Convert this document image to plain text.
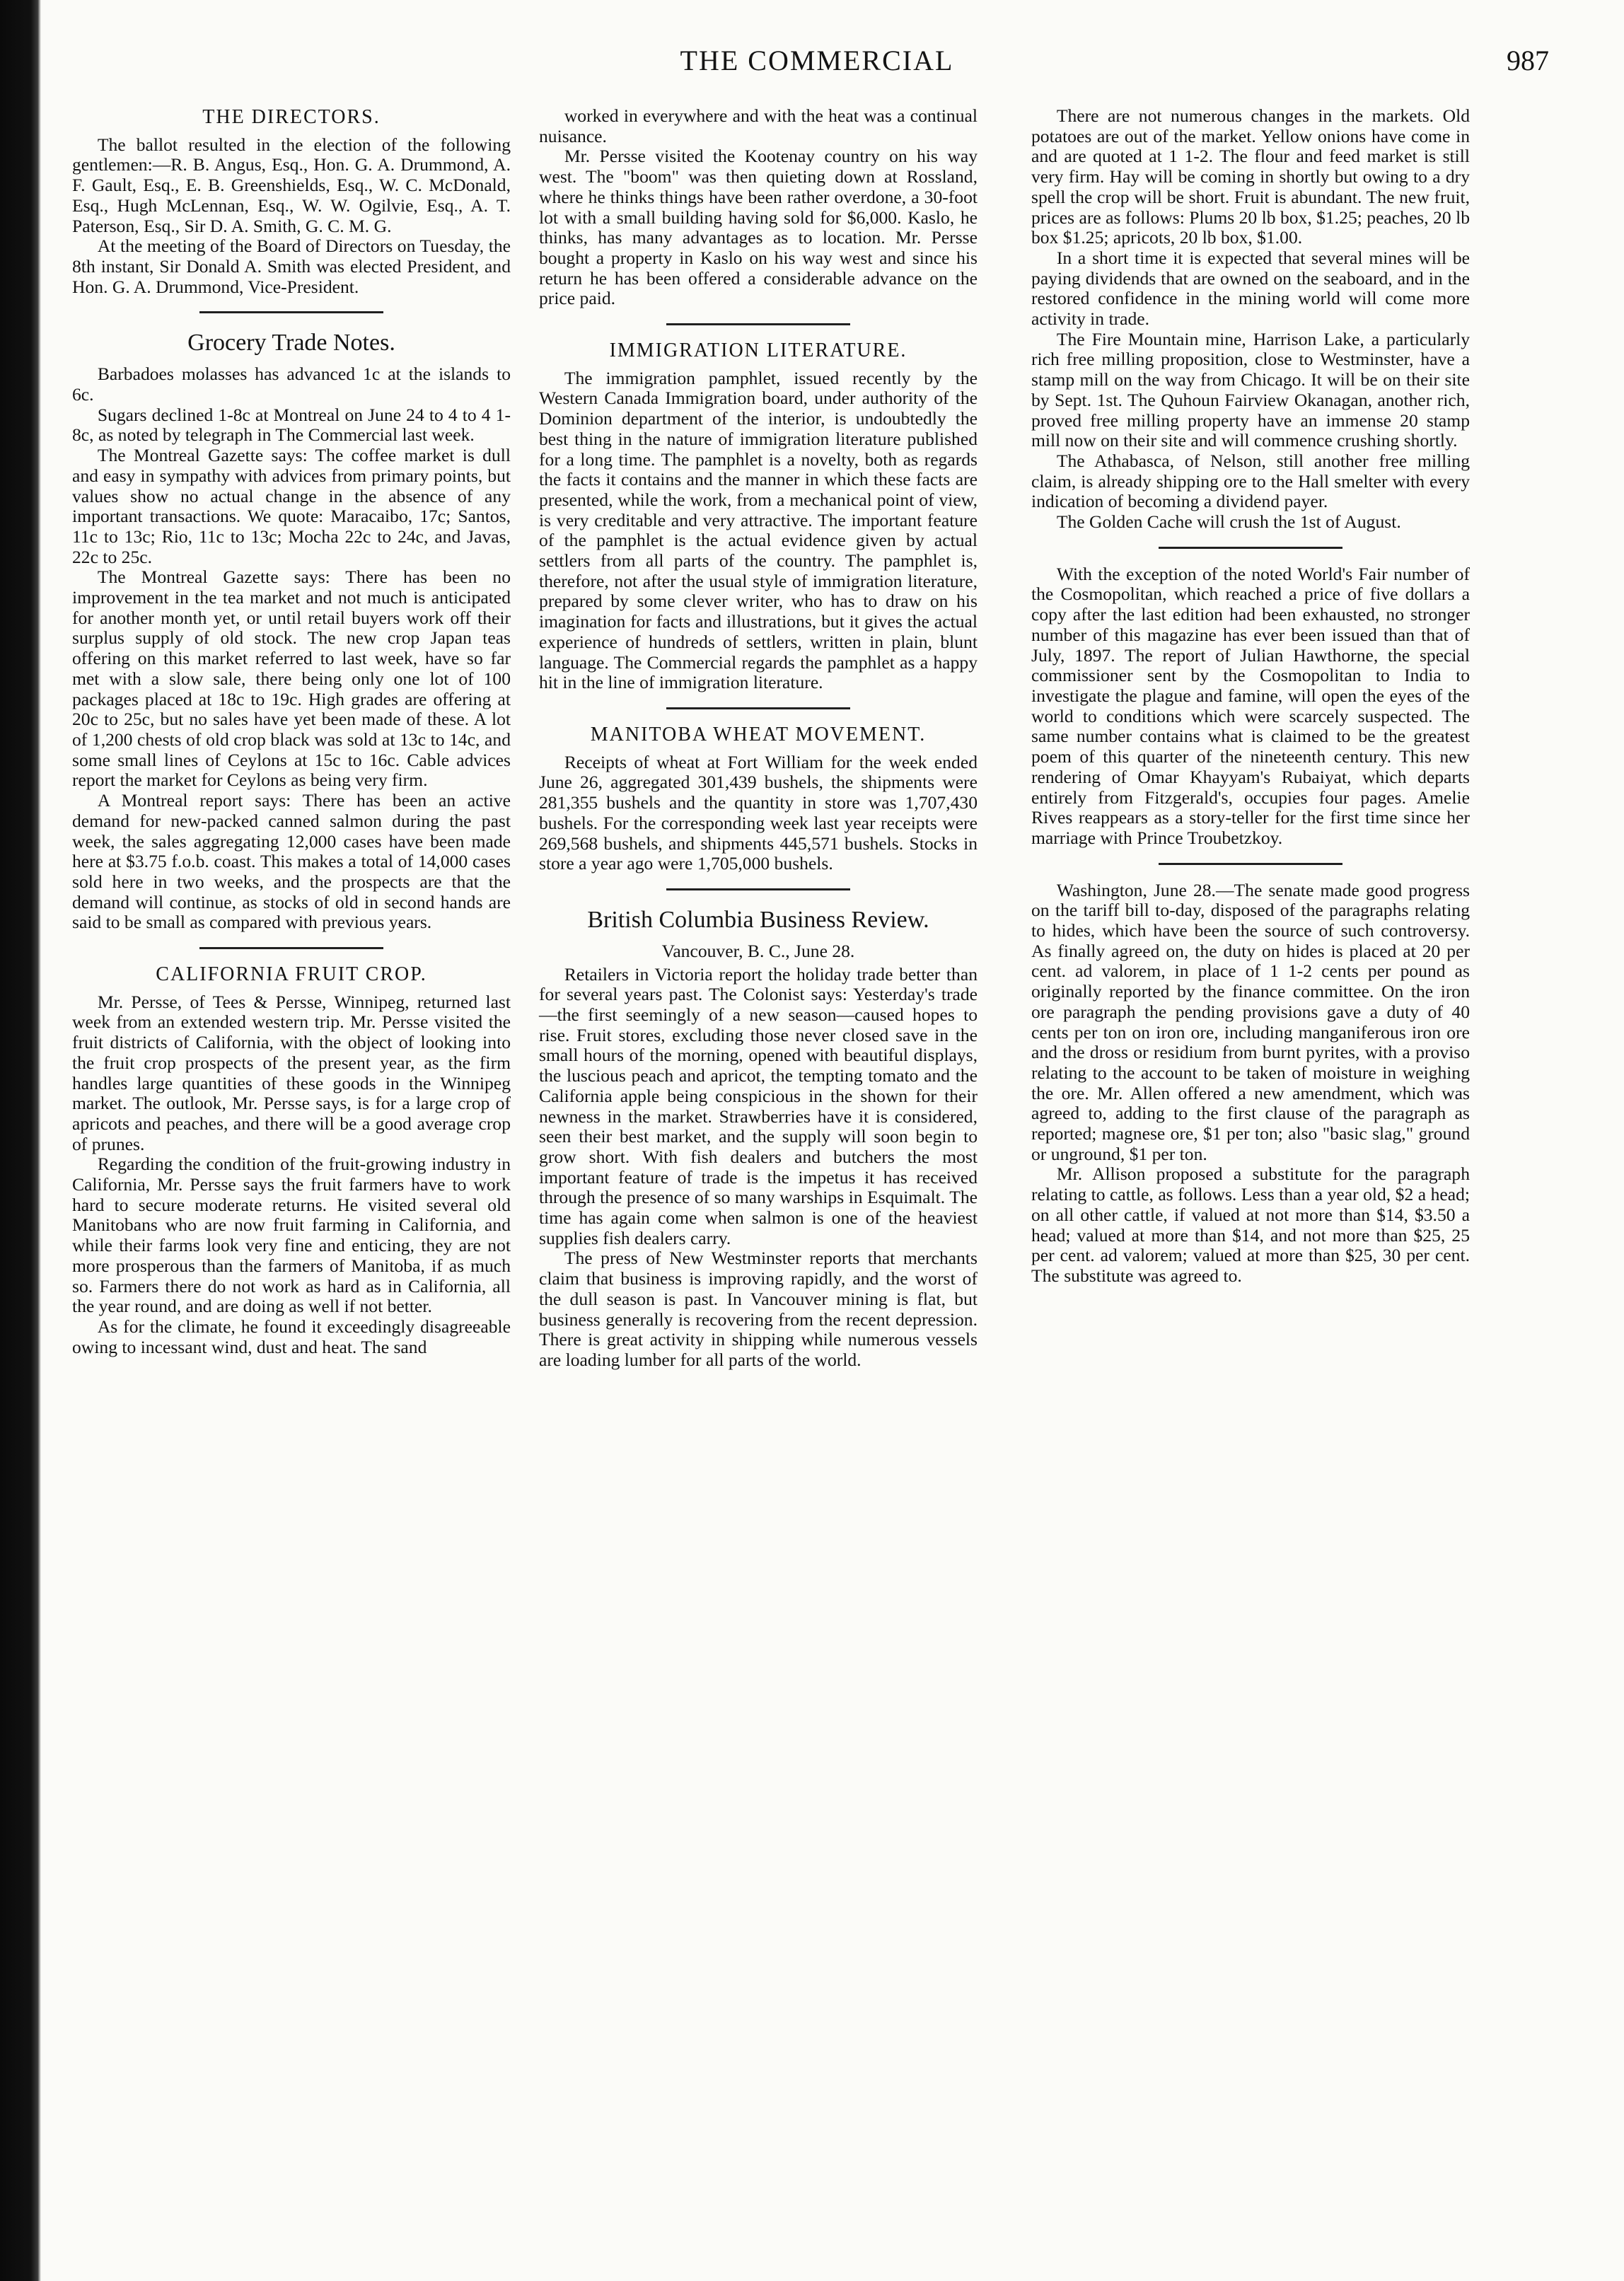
THE COMMERCIAL	987
THE DIRECTORS.

The ballot resulted in the election of the following gentlemen:—R. B. Angus, Esq., Hon. G. A. Drummond, A. F. Gault, Esq., E. B. Greenshields, Esq., W. C. McDonald, Esq., Hugh McLennan, Esq., W. W. Ogilvie, Esq., A. T. Paterson, Esq., Sir D. A. Smith, G. C. M. G.

At the meeting of the Board of Directors on Tuesday, the 8th instant, Sir Donald A. Smith was elected President, and Hon. G. A. Drummond, Vice-President.

Grocery Trade Notes.

Barbadoes molasses has advanced 1c at the islands to 6c.

Sugars declined 1-8c at Montreal on June 24 to 4 to 4 1-8c, as noted by telegraph in The Commercial last week.

The Montreal Gazette says: The coffee market is dull and easy in sympathy with advices from primary points, but values show no actual change in the absence of any important transactions. We quote: Maracaibo, 17c; Santos, 11c to 13c; Rio, 11c to 13c; Mocha 22c to 24c, and Javas, 22c to 25c.

The Montreal Gazette says: There has been no improvement in the tea market and not much is anticipated for another month yet, or until retail buyers work off their surplus supply of old stock. The new crop Japan teas offering on this market referred to last week, have so far met with a slow sale, there being only one lot of 100 packages placed at 18c to 19c. High grades are offering at 20c to 25c, but no sales have yet been made of these. A lot of 1,200 chests of old crop black was sold at 13c to 14c, and some small lines of Ceylons at 15c to 16c. Cable advices report the market for Ceylons as being very firm.

A Montreal report says: There has been an active demand for new-packed canned salmon during the past week, the sales aggregating 12,000 cases have been made here at $3.75 f.o.b. coast. This makes a total of 14,000 cases sold here in two weeks, and the prospects are that the demand will continue, as stocks of old in second hands are said to be small as compared with previous years.

CALIFORNIA FRUIT CROP.

Mr. Persse, of Tees & Persse, Winnipeg, returned last week from an extended western trip. Mr. Persse visited the fruit districts of California, with the object of looking into the fruit crop prospects of the present year, as the firm handles large quantities of these goods in the Winnipeg market. The outlook, Mr. Persse says, is for a large crop of apricots and peaches, and there will be a good average crop of prunes.

Regarding the condition of the fruit-growing industry in California, Mr. Persse says the fruit farmers have to work hard to secure moderate returns. He visited several old Manitobans who are now fruit farming in California, and while their farms look very fine and enticing, they are not more prosperous than the farmers of Manitoba, if as much so. Farmers there do not work as hard as in California, all the year round, and are doing as well if not better.

As for the climate, he found it exceedingly disagreeable owing to incessant wind, dust and heat. The sand

worked in everywhere and with the heat was a continual nuisance.

Mr. Persse visited the Kootenay country on his way west. The "boom" was then quieting down at Rossland, where he thinks things have been rather overdone, a 30-foot lot with a small building having sold for $6,000. Kaslo, he thinks, has many advantages as to location. Mr. Persse bought a property in Kaslo on his way west and since his return he has been offered a considerable advance on the price paid.

IMMIGRATION LITERATURE.

The immigration pamphlet, issued recently by the Western Canada Immigration board, under authority of the Dominion department of the interior, is undoubtedly the best thing in the nature of immigration literature published for a long time. The pamphlet is a novelty, both as regards the facts it contains and the manner in which these facts are presented, while the work, from a mechanical point of view, is very creditable and very attractive. The important feature of the pamphlet is the actual evidence given by actual settlers from all parts of the country. The pamphlet is, therefore, not after the usual style of immigration literature, prepared by some clever writer, who has to draw on his imagination for facts and illustrations, but it gives the actual experience of hundreds of settlers, written in plain, blunt language. The Commercial regards the pamphlet as a happy hit in the line of immigration literature.

MANITOBA WHEAT MOVEMENT.

Receipts of wheat at Fort William for the week ended June 26, aggregated 301,439 bushels, the shipments were 281,355 bushels and the quantity in store was 1,707,430 bushels. For the corresponding week last year receipts were 269,568 bushels, and shipments 445,571 bushels. Stocks in store a year ago were 1,705,000 bushels.

British Columbia Business Review.
Vancouver, B. C., June 28.

Retailers in Victoria report the holiday trade better than for several years past. The Colonist says: Yesterday's trade—the first seemingly of a new season—caused hopes to rise. Fruit stores, excluding those never closed save in the small hours of the morning, opened with beautiful displays, the luscious peach and apricot, the tempting tomato and the California apple being conspicious in the shown for their newness in the market. Strawberries have it is considered, seen their best market, and the supply will soon begin to grow short. With fish dealers and butchers the most important feature of trade is the impetus it has received through the presence of so many warships in Esquimalt. The time has again come when salmon is one of the heaviest supplies fish dealers carry.

The press of New Westminster reports that merchants claim that business is improving rapidly, and the worst of the dull season is past. In Vancouver mining is flat, but business generally is recovering from the recent depression. There is great activity in shipping while numerous vessels are loading lumber for all parts of the world.

There are not numerous changes in the markets. Old potatoes are out of the market. Yellow onions have come in and are quoted at 1 1-2. The flour and feed market is still very firm. Hay will be coming in shortly but owing to a dry spell the crop will be short. Fruit is abundant. The new fruit, prices are as follows: Plums 20 lb box, $1.25; peaches, 20 lb box $1.25; apricots, 20 lb box, $1.00.

In a short time it is expected that several mines will be paying dividends that are owned on the seaboard, and in the restored confidence in the mining world will come more activity in trade.

The Fire Mountain mine, Harrison Lake, a particularly rich free milling proposition, close to Westminster, have a stamp mill on the way from Chicago. It will be on their site by Sept. 1st. The Quhoun Fairview Okanagan, another rich, proved free milling property have an immense 20 stamp mill now on their site and will commence crushing shortly.

The Athabasca, of Nelson, still another free milling claim, is already shipping ore to the Hall smelter with every indication of becoming a dividend payer.

The Golden Cache will crush the 1st of August.

With the exception of the noted World's Fair number of the Cosmopolitan, which reached a price of five dollars a copy after the last edition had been exhausted, no stronger number of this magazine has ever been issued than that of July, 1897. The report of Julian Hawthorne, the special commissioner sent by the Cosmopolitan to India to investigate the plague and famine, will open the eyes of the world to conditions which were scarcely suspected. The same number contains what is claimed to be the greatest poem of this quarter of the nineteenth century. This new rendering of Omar Khayyam's Rubaiyat, which departs entirely from Fitzgerald's, occupies four pages. Amelie Rives reappears as a story-teller for the first time since her marriage with Prince Troubetzkoy.

Washington, June 28.—The senate made good progress on the tariff bill to-day, disposed of the paragraphs relating to hides, which have been the source of such controversy. As finally agreed on, the duty on hides is placed at 20 per cent. ad valorem, in place of 1 1-2 cents per pound as originally reported by the finance committee. On the iron ore paragraph the pending provisions gave a duty of 40 cents per ton on iron ore, including manganiferous iron ore and the dross or residium from burnt pyrites, with a proviso relating to the account to be taken of moisture in weighing the ore. Mr. Allen offered a new amendment, which was agreed to, adding to the first clause of the paragraph as reported; magnese ore, $1 per ton; also "basic slag," ground or unground, $1 per ton.

Mr. Allison proposed a substitute for the paragraph relating to cattle, as follows. Less than a year old, $2 a head; on all other cattle, if valued at not more than $14, $3.50 a head; valued at more than $14, and not more than $25, 25 per cent. ad valorem; valued at more than $25, 30 per cent. The substitute was agreed to.
